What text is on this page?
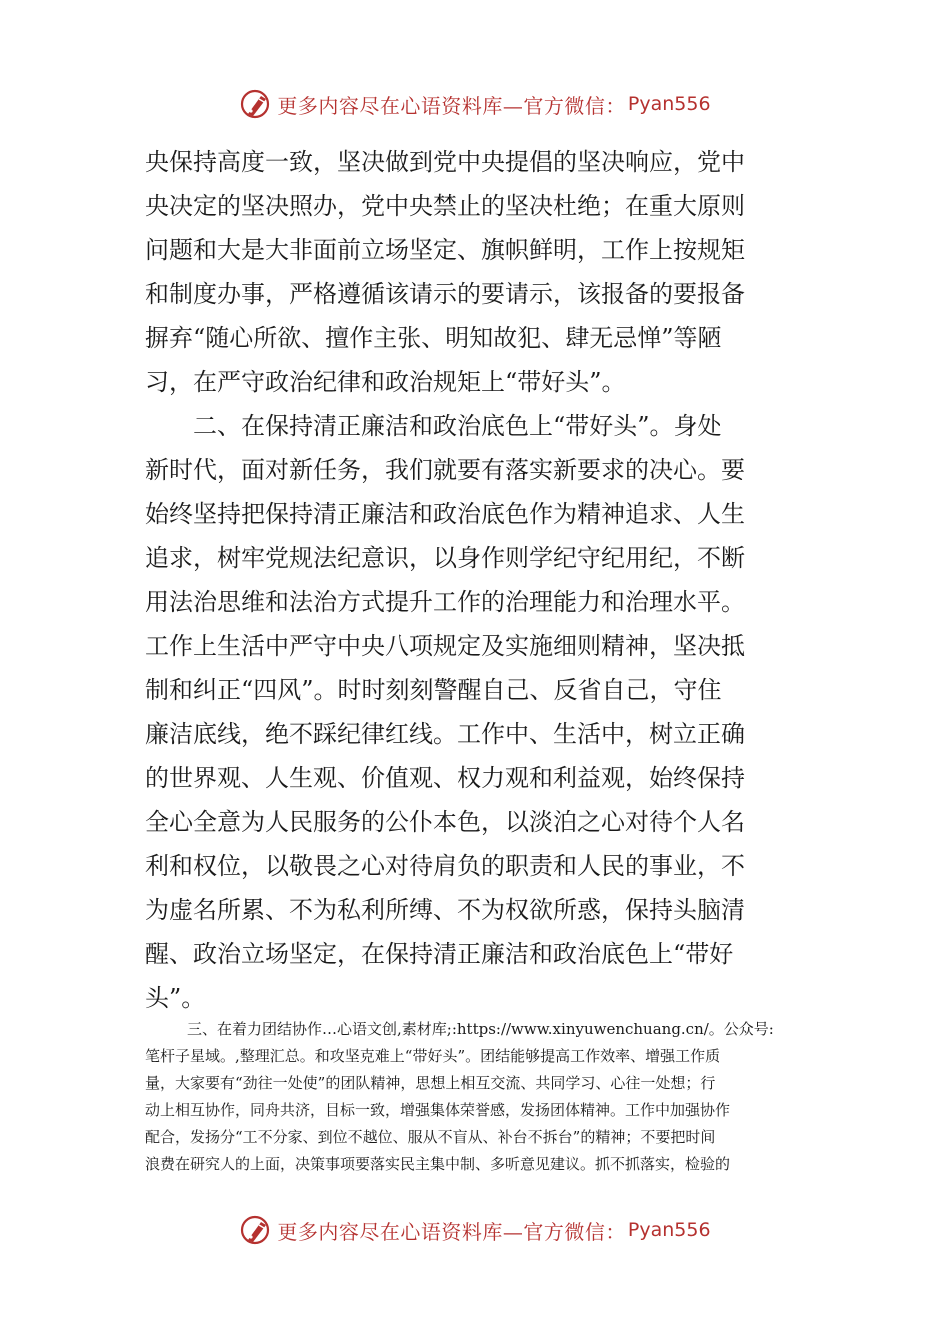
更多内容尽在心语资料库—官方微信： Pyan556
央保持高度一致，坚决做到党中央提倡的坚决响应，党中
央决定的坚决照办，党中央禁止的坚决杜绝；在重大原则
问题和大是大非面前立场坚定、旗帜鲜明，工作上按规矩
和制度办事，严格遵循该请示的要请示，该报备的要报备
摒弃“随心所欲、擅作主张、明知故犯、肆无忌惮”等陋
习，在严守政治纪律和政治规矩上“带好头”。
　　二、在保持清正廉洁和政治底色上“带好头”。身处
新时代，面对新任务，我们就要有落实新要求的决心。要
始终坚持把保持清正廉洁和政治底色作为精神追求、人生
追求，树牢党规法纪意识，以身作则学纪守纪用纪，不断
用法治思维和法治方式提升工作的治理能力和治理水平。
工作上生活中严守中央八项规定及实施细则精神，坚决抵
制和纠正“四风”。时时刻刻警醒自己、反省自己，守住
廉洁底线，绝不踩纪律红线。工作中、生活中，树立正确
的世界观、人生观、价值观、权力观和利益观，始终保持
全心全意为人民服务的公仆本色，以淡泊之心对待个人名
利和权位，以敬畏之心对待肩负的职责和人民的事业，不
为虚名所累、不为私利所缚、不为权欲所惑，保持头脑清
醒、政治立场坚定，在保持清正廉洁和政治底色上“带好
头”。
三、在着力团结协作…心语文创,素材库;:https://www.xinyuwenchuang.cn/。公众号:
笔杆子星域。,整理汇总。和攻坚克难上“带好头”。团结能够提高工作效率、增强工作质
量，大家要有“劲往一处使”的团队精神，思想上相互交流、共同学习、心往一处想；行
动上相互协作，同舟共济，目标一致，增强集体荣誉感，发扬团体精神。工作中加强协作
配合，发扬分“工不分家、到位不越位、服从不盲从、补台不拆台”的精神；不要把时间
浪费在研究人的上面，决策事项要落实民主集中制、多听意见建议。抓不抓落实，检验的
更多内容尽在心语资料库—官方微信： Pyan556
